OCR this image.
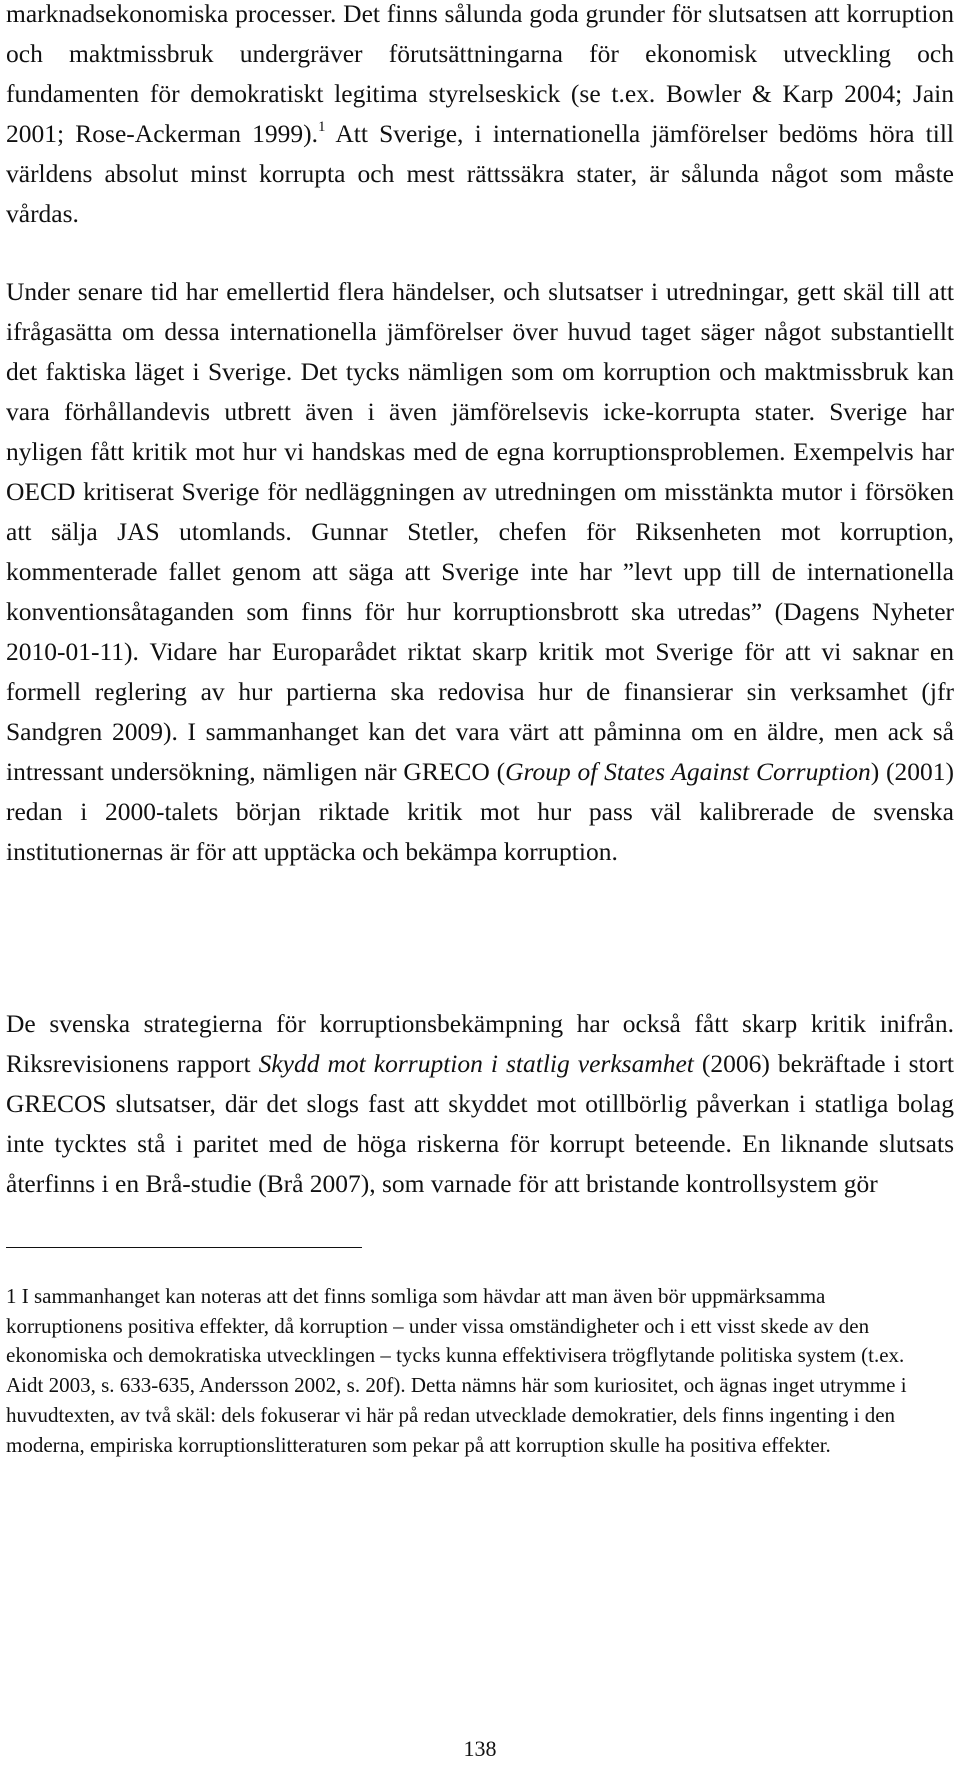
marknadsekonomiska processer. Det finns sålunda goda grunder för slutsatsen att korruption och maktmissbruk undergräver förutsättningarna för ekonomisk utveckling och fundamenten för demokratiskt legitima styrelseskick (se t.ex. Bowler & Karp 2004; Jain 2001; Rose-Ackerman 1999).$^1$ Att Sverige, i internationella jämförelser bedöms höra till världens absolut minst korrupta och mest rättssäkra stater, är sålunda något som måste vårdas.

Under senare tid har emellertid flera händelser, och slutsatser i utredningar, gett skäl till att ifrågasätta om dessa internationella jämförelser över huvud taget säger något substantiellt det faktiska läget i Sverige. Det tycks nämligen som om korruption och maktmissbruk kan vara förhållandevis utbrett även i även jämförelsevis icke-korrupta stater. Sverige har nyligen fått kritik mot hur vi handskas med de egna korruptionsproblemen. Exempelvis har OECD kritiserat Sverige för nedläggningen av utredningen om misstänkta mutor i försöken att sälja JAS utomlands. Gunnar Stetler, chefen för Riksenheten mot korruption, kommenterade fallet genom att säga att Sverige inte har ”levt upp till de internationella konventionsåtaganden som finns för hur korruptionsbrott ska utredas” (Dagens Nyheter 2010-01-11). Vidare har Europarådet riktat skarp kritik mot Sverige för att vi saknar en formell reglering av hur partierna ska redovisa hur de finansierar sin verksamhet (jfr Sandgren 2009). I sammanhanget kan det vara värt att påminna om en äldre, men ack så intressant undersökning, nämligen när GRECO (Group of States Against Corruption) (2001) redan i 2000-talets början riktade kritik mot hur pass väl kalibrerade de svenska institutionernas är för att upptäcka och bekämpa korruption.

De svenska strategierna för korruptionsbekämpning har också fått skarp kritik inifrån. Riksrevisionens rapport Skydd mot korruption i statlig verksamhet (2006) bekräftade i stort GRECOS slutsatser, där det slogs fast att skyddet mot otillbörlig påverkan i statliga bolag inte tycktes stå i paritet med de höga riskerna för korrupt beteende. En liknande slutsats återfinns i en Brå-studie (Brå 2007), som varnade för att bristande kontrollsystem gör

1 I sammanhanget kan noteras att det finns somliga som hävdar att man även bör uppmärksamma korruptionens positiva effekter, då korruption – under vissa omständigheter och i ett visst skede av den ekonomiska och demokratiska utvecklingen – tycks kunna effektivisera trögflytande politiska system (t.ex. Aidt 2003, s. 633-635, Andersson 2002, s. 20f). Detta nämns här som kuriositet, och ägnas inget utrymme i huvudtexten, av två skäl: dels fokuserar vi här på redan utvecklade demokratier, dels finns ingenting i den moderna, empiriska korruptionslitteraturen som pekar på att korruption skulle ha positiva effekter.

138
